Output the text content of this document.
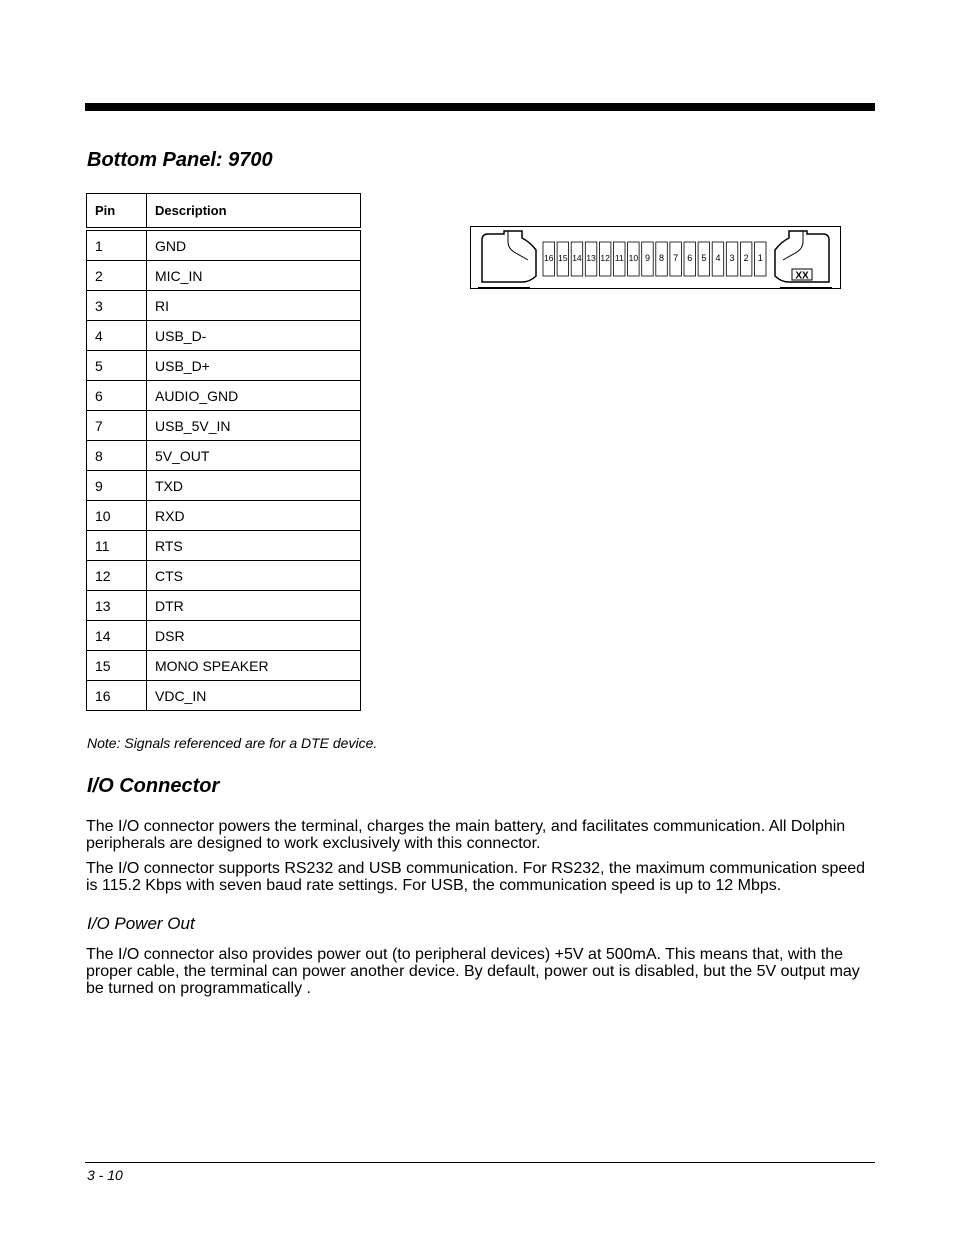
Bottom Panel: 9700
Pin	Description
1	GND
2	MIC_IN
3	RI
4	USB_D-
5	USB_D+
6	AUDIO_GND
7	USB_5V_IN
8	5V_OUT
9	TXD
10	RXD
11	RTS
12	CTS
13	DTR
14	DSR
15	MONO SPEAKER
16	VDC_IN
Note: Signals referenced are for a DTE device.
XX
16 15 14 13 12 11 10 9 8 7 6 5 4 3 2 1
I/O Connector

The I/O connector powers the terminal, charges the main battery, and facilitates communication. All Dolphin peripherals are designed to work exclusively with this connector.

The I/O connector supports RS232 and USB communication. For RS232, the maximum communication speed is 115.2 Kbps with seven baud rate settings. For USB, the communication speed is up to 12 Mbps.

I/O Power Out

The I/O connector also provides power out (to peripheral devices) +5V at 500mA. This means that, with the proper cable, the terminal can power another device. By default, power out is disabled, but the 5V output may be turned on programmatically .

3 - 10
